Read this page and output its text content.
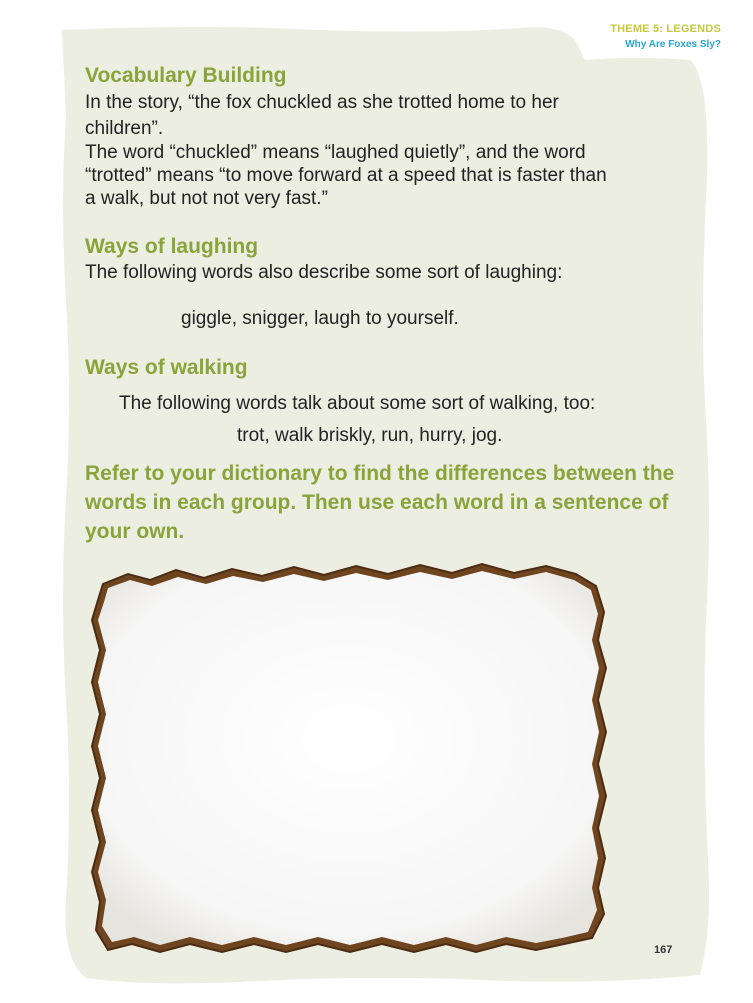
THEME 5: LEGENDS
Why Are Foxes Sly?
Vocabulary Building

In the story, “the fox chuckled as she trotted home to her

children”.

The word “chuckled” means “laughed quietly”, and the word

“trotted” means “to move forward at a speed that is faster than

a walk, but not not very fast.”

Ways of laughing

The following words also describe some sort of laughing:

giggle, snigger, laugh to yourself.

Ways of walking

The following words talk about some sort of walking, too:

trot, walk briskly, run, hurry, jog.

Refer to your dictionary to find the differences between the
words in each group. Then use each word in a sentence of
your own.
167
